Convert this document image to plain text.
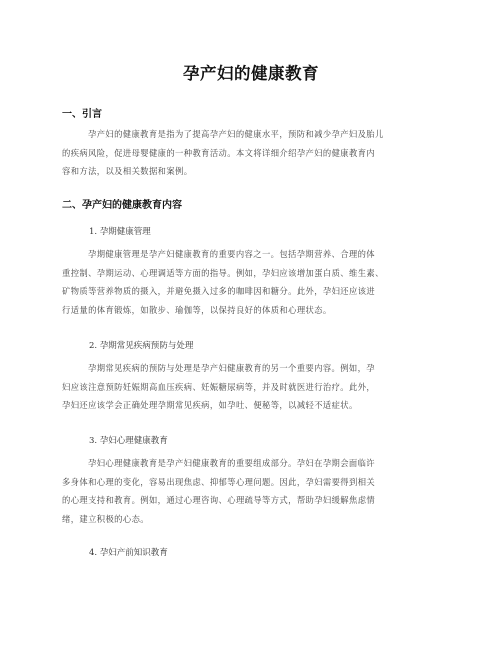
孕产妇的健康教育
一、引言
孕产妇的健康教育是指为了提高孕产妇的健康水平，预防和减少孕产妇及胎儿
的疾病风险，促进母婴健康的一种教育活动。本文将详细介绍孕产妇的健康教育内
容和方法，以及相关数据和案例。
二、孕产妇的健康教育内容
1. 孕期健康管理
孕期健康管理是孕产妇健康教育的重要内容之一。包括孕期营养、合理的体
重控制、孕期运动、心理调适等方面的指导。例如，孕妇应该增加蛋白质、维生素、
矿物质等营养物质的摄入，并避免摄入过多的咖啡因和糖分。此外，孕妇还应该进
行适量的体育锻炼，如散步、瑜伽等，以保持良好的体质和心理状态。
2. 孕期常见疾病预防与处理
孕期常见疾病的预防与处理是孕产妇健康教育的另一个重要内容。例如，孕
妇应该注意预防妊娠期高血压疾病、妊娠糖尿病等，并及时就医进行治疗。此外，
孕妇还应该学会正确处理孕期常见疾病，如孕吐、便秘等，以减轻不适症状。
3. 孕妇心理健康教育
孕妇心理健康教育是孕产妇健康教育的重要组成部分。孕妇在孕期会面临许
多身体和心理的变化，容易出现焦虑、抑郁等心理问题。因此，孕妇需要得到相关
的心理支持和教育。例如，通过心理咨询、心理疏导等方式，帮助孕妇缓解焦虑情
绪，建立积极的心态。
4. 孕妇产前知识教育
